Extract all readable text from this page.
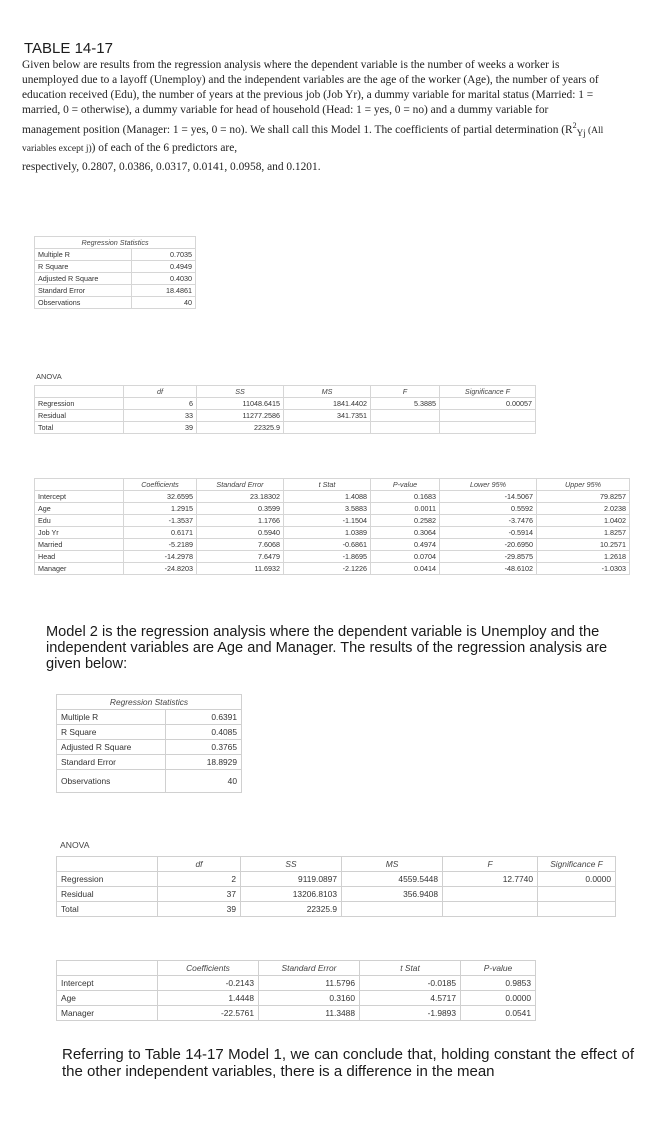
TABLE 14-17
Given below are results from the regression analysis where the dependent variable is the number of weeks a worker is unemployed due to a layoff (Unemploy) and the independent variables are the age of the worker (Age), the number of years of education received (Edu), the number of years at the previous job (Job Yr), a dummy variable for marital status (Married: 1 = married, 0 = otherwise), a dummy variable for head of household (Head: 1 = yes, 0 = no) and a dummy variable for management position (Manager: 1 = yes, 0 = no). We shall call this Model 1. The coefficients of partial determination ($R^2_{Yj}$ (All variables except j)) of each of the 6 predictors are,
respectively, 0.2807, 0.0386, 0.0317, 0.0141, 0.0958, and 0.1201.
Regression Statistics	
Multiple R	0.7035
R Square	0.4949
Adjusted R Square	0.4030
Standard Error	18.4861
Observations	40
ANOVA
	df	SS	MS	F	Significance F
Regression	6	11048.6415	1841.4402	5.3885	0.00057
Residual	33	11277.2586	341.7351		
Total	39	22325.9			
	Coefficients	Standard Error	t Stat	P-value	Lower 95%	Upper 95%
Intercept	32.6595	23.18302	1.4088	0.1683	-14.5067	79.8257
Age	1.2915	0.3599	3.5883	0.0011	0.5592	2.0238
Edu	-1.3537	1.1766	-1.1504	0.2582	-3.7476	1.0402
Job Yr	0.6171	0.5940	1.0389	0.3064	-0.5914	1.8257
Married	-5.2189	7.6068	-0.6861	0.4974	-20.6950	10.2571
Head	-14.2978	7.6479	-1.8695	0.0704	-29.8575	1.2618
Manager	-24.8203	11.6932	-2.1226	0.0414	-48.6102	-1.0303
Model 2 is the regression analysis where the dependent variable is Unemploy and the independent variables are Age and Manager. The results of the regression analysis are given below:
Regression Statistics	
Multiple R	0.6391
R Square	0.4085
Adjusted R Square	0.3765
Standard Error	18.8929
Observations	40
ANOVA
	df	SS	MS	F	Significance F
Regression	2	9119.0897	4559.5448	12.7740	0.0000
Residual	37	13206.8103	356.9408		
Total	39	22325.9			
	Coefficients	Standard Error	t Stat	P-value
Intercept	-0.2143	11.5796	-0.0185	0.9853
Age	1.4448	0.3160	4.5717	0.0000
Manager	-22.5761	11.3488	-1.9893	0.0541
Referring to Table 14-17 Model 1, we can conclude that, holding constant the effect of the other independent variables, there is a difference in the mean
